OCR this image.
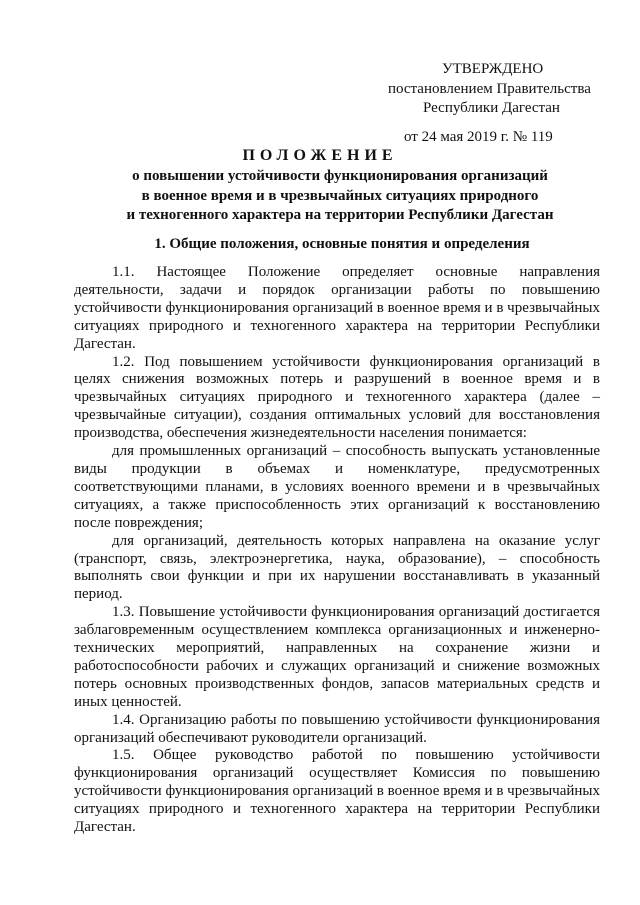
УТВЕРЖДЕНО
постановлением Правительства
Республики Дагестан
от 24 мая 2019 г. № 119
ПОЛОЖЕНИЕ
о повышении устойчивости функционирования организаций
в военное время и в чрезвычайных ситуациях природного
и техногенного характера на территории Республики Дагестан
1. Общие положения, основные понятия и определения

1.1. Настоящее Положение определяет основные направления деятельности, задачи и порядок организации работы по повышению устойчивости функционирования организаций в военное время и в чрезвычайных ситуациях природного и техногенного характера на территории Республики Дагестан.

1.2. Под повышением устойчивости функционирования организаций в целях снижения возможных потерь и разрушений в военное время и в чрезвычайных ситуациях природного и техногенного характера (далее – чрезвычайные ситуации), создания оптимальных условий для восстановления производства, обеспечения жизнедеятельности населения понимается:

для промышленных организаций – способность выпускать установленные виды продукции в объемах и номенклатуре, предусмотренных соответствующими планами, в условиях военного времени и в чрезвычайных ситуациях, а также приспособленность этих организаций к восстановлению после повреждения;

для организаций, деятельность которых направлена на оказание услуг (транспорт, связь, электроэнергетика, наука, образование), – способность выполнять свои функции и при их нарушении восстанавливать в указанный период.

1.3. Повышение устойчивости функционирования организаций достигается заблаговременным осуществлением комплекса организационных и инженерно-технических мероприятий, направленных на сохранение жизни и работоспособности рабочих и служащих организаций и снижение возможных потерь основных производственных фондов, запасов материальных средств и иных ценностей.

1.4. Организацию работы по повышению устойчивости функционирования организаций обеспечивают руководители организаций.

1.5. Общее руководство работой по повышению устойчивости функционирования организаций осуществляет Комиссия по повышению устойчивости функционирования организаций в военное время и в чрезвычайных ситуациях природного и техногенного характера на территории Республики Дагестан.
